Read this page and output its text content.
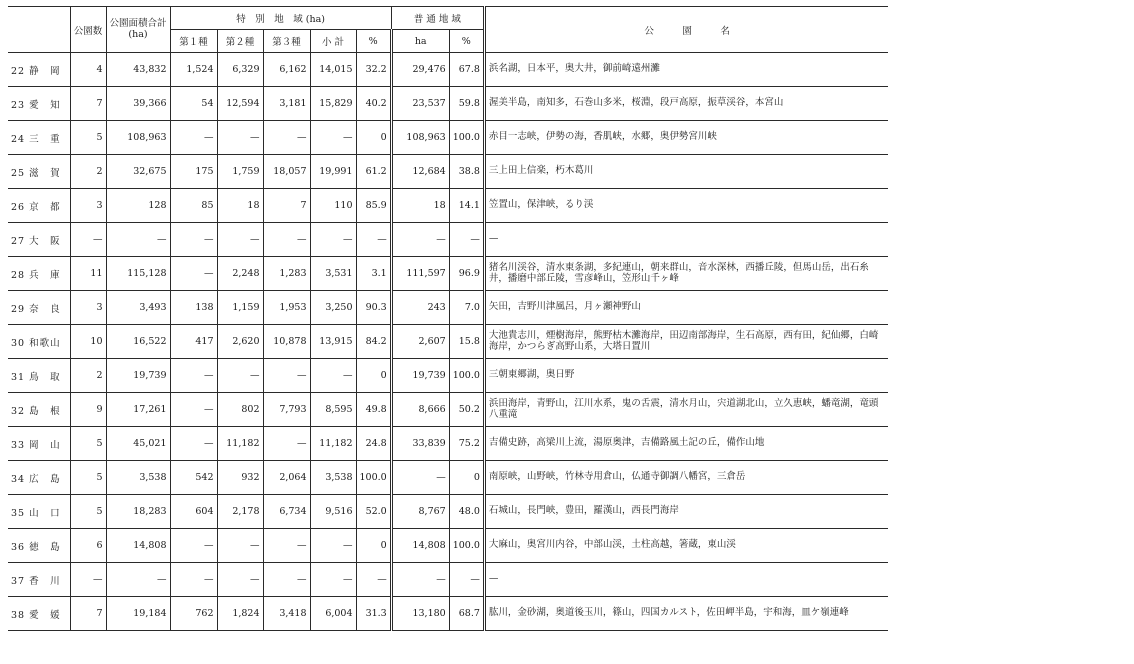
	公園数	公園面積合計
(ha)	特　別　地　域 (ha)					普 通 地 域		公　　　園　　　名
			第１種	第２種	第３種	小 計	%	ha	%	
22 静　岡	4	43,832	1,524	6,329	6,162	14,015	32.2	29,476	67.8	浜名湖，日本平，奥大井，御前崎遠州灘
23 愛　知	7	39,366	54	12,594	3,181	15,829	40.2	23,537	59.8	渥美半島，南知多，石巻山多米，桜淵，段戸高原，振草渓谷，本宮山
24 三　重	5	108,963	—	—	—	—	0	108,963	100.0	赤目一志峡，伊勢の海，香肌峡，水郷，奥伊勢宮川峡
25 滋　賀	2	32,675	175	1,759	18,057	19,991	61.2	12,684	38.8	三上田上信楽，朽木葛川
26 京　都	3	128	85	18	7	110	85.9	18	14.1	笠置山，保津峡，るり渓
27 大　阪	—	—	—	—	—	—	—	—	—	—
28 兵　庫	11	115,128	—	2,248	1,283	3,531	3.1	111,597	96.9	猪名川渓谷，清水東条湖，多紀連山，朝来群山，音水深林，西播丘陵，但馬山岳，出石糸井，播磨中部丘陵，雪彦峰山，笠形山千ヶ峰
29 奈　良	3	3,493	138	1,159	1,953	3,250	90.3	243	7.0	矢田，吉野川津風呂，月ヶ瀬神野山
30 和歌山	10	16,522	417	2,620	10,878	13,915	84.2	2,607	15.8	大池貴志川，煙樹海岸，熊野枯木灘海岸，田辺南部海岸，生石高原，西有田，紀仙郷，白崎海岸，かつらぎ高野山系，大塔日置川
31 鳥　取	2	19,739	—	—	—	—	0	19,739	100.0	三朝東郷湖，奥日野
32 島　根	9	17,261	—	802	7,793	8,595	49.8	8,666	50.2	浜田海岸，青野山，江川水系，鬼の舌震，清水月山，宍道湖北山，立久恵峡，蟠竜湖，竜頭八重滝
33 岡　山	5	45,021	—	11,182	—	11,182	24.8	33,839	75.2	吉備史跡，高梁川上流，湯原奥津，吉備路風土記の丘，備作山地
34 広　島	5	3,538	542	932	2,064	3,538	100.0	—	0	南原峡，山野峡，竹林寺用倉山，仏通寺御調八幡宮，三倉岳
35 山　口	5	18,283	604	2,178	6,734	9,516	52.0	8,767	48.0	石城山，長門峡，豊田，羅漢山，西長門海岸
36 徳　島	6	14,808	—	—	—	—	0	14,808	100.0	大麻山，奥宮川内谷，中部山渓，土柱高越，箸蔵，東山渓
37 香　川	—	—	—	—	—	—	—	—	—	—
38 愛　媛	7	19,184	762	1,824	3,418	6,004	31.3	13,180	68.7	肱川，金砂湖，奥道後玉川，篠山，四国カルスト，佐田岬半島，宇和海，皿ケ嶺連峰
